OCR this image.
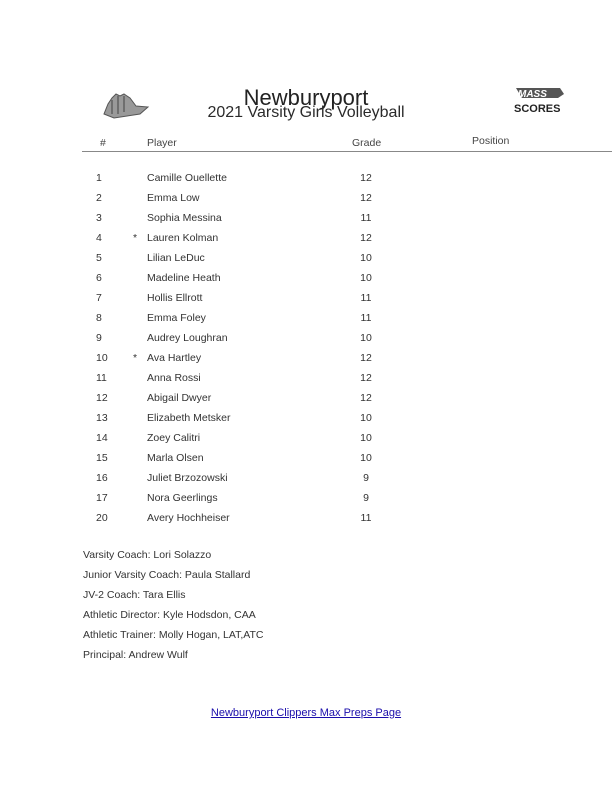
Newburyport
2021 Varsity Girls Volleyball
MASS
SCORES
#	Player	Grade	Position
1	Camille Ouellette	12
2	Emma Low	12
3	Sophia Messina	11
4	* Lauren Kolman	12
5	Lilian LeDuc	10
6	Madeline Heath	10
7	Hollis Ellrott	11
8	Emma Foley	11
9	Audrey Loughran	10
10	* Ava Hartley	12
11	Anna Rossi	12
12	Abigail Dwyer	12
13	Elizabeth Metsker	10
14	Zoey Calitri	10
15	Marla Olsen	10
16	Juliet Brzozowski	9
17	Nora Geerlings	9
20	Avery Hochheiser	11
Varsity Coach: Lori Solazzo
Junior Varsity Coach: Paula Stallard
JV-2 Coach: Tara Ellis
Athletic Director: Kyle Hodsdon, CAA
Athletic Trainer: Molly Hogan, LAT,ATC
Principal: Andrew Wulf
Newburyport Clippers Max Preps Page
